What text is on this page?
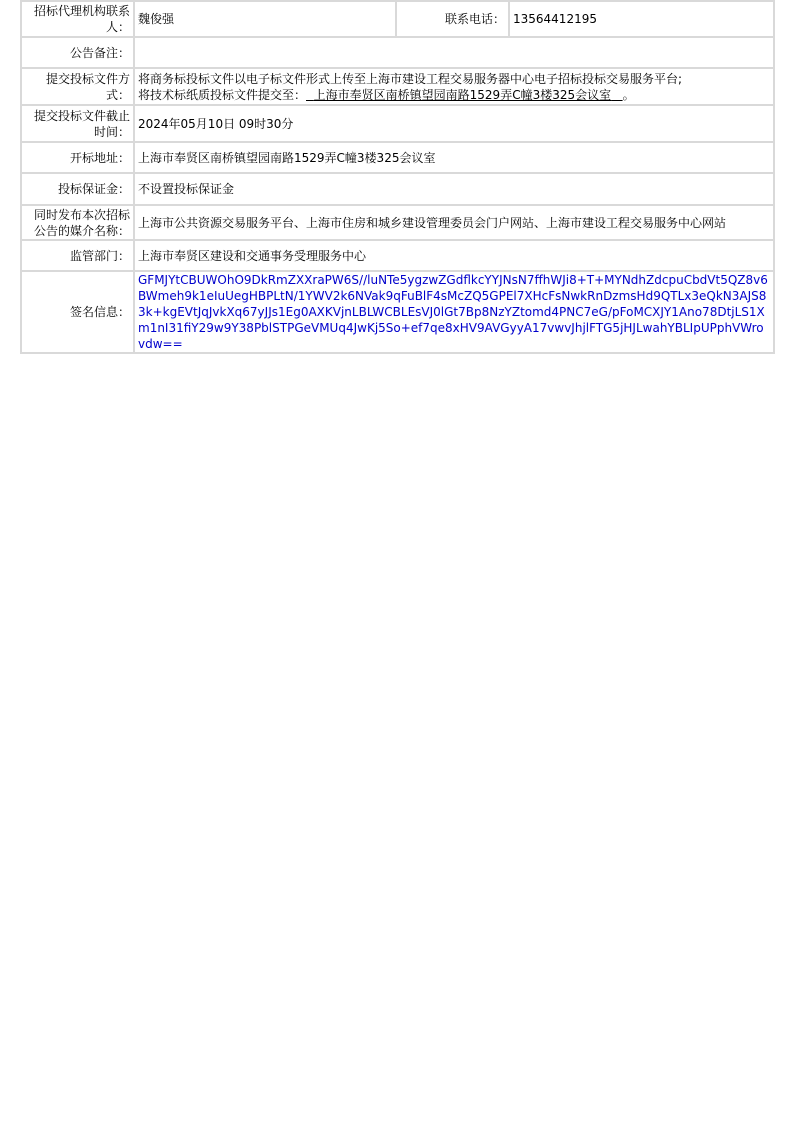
招标代理机构联系人：	魏俊强	联系电话：	13564412195
公告备注：			
提交投标文件方式：	将商务标投标文件以电子标文件形式上传至上海市建设工程交易服务器中心电子招标投标交易服务平台;
将技术标纸质投标文件提交至： 上海市奉贤区南桥镇望园南路1529弄C幢3楼325会议室 。		

提交投标文件截止时间：	2024年05月10日 09时30分		
开标地址：	上海市奉贤区南桥镇望园南路1529弄C幢3楼325会议室		
投标保证金：	不设置投标保证金		
同时发布本次招标公告的媒介名称：	上海市公共资源交易服务平台、上海市住房和城乡建设管理委员会门户网站、上海市建设工程交易服务中心网站		
监管部门：	上海市奉贤区建设和交通事务受理服务中心		
签名信息：	GFMJYtCBUWOhO9DkRmZXXraPW6S//luNTe5ygzwZGdflkcYYJNsN7ffhWJi8+T+MYNdhZdcpuCbdVt5QZ8v6BWmeh9k1eIuUegHBPLtN/1YWV2k6NVak9qFuBlF4sMcZQ5GPEl7XHcFsNwkRnDzmsHd9QTLx3eQkN3AJS83k+kgEVtJqJvkXq67yJJs1Eg0AXKVjnLBLWCBLEsVJ0lGt7Bp8NzYZtomd4PNC7eG/pFoMCXJY1Ano78DtjLS1Xm1nI31fiY29w9Y38PblSTPGeVMUq4JwKj5So+ef7qe8xHV9AVGyyA17vwvJhjlFTG5jHJLwahYBLIpUPphVWrovdw==		
